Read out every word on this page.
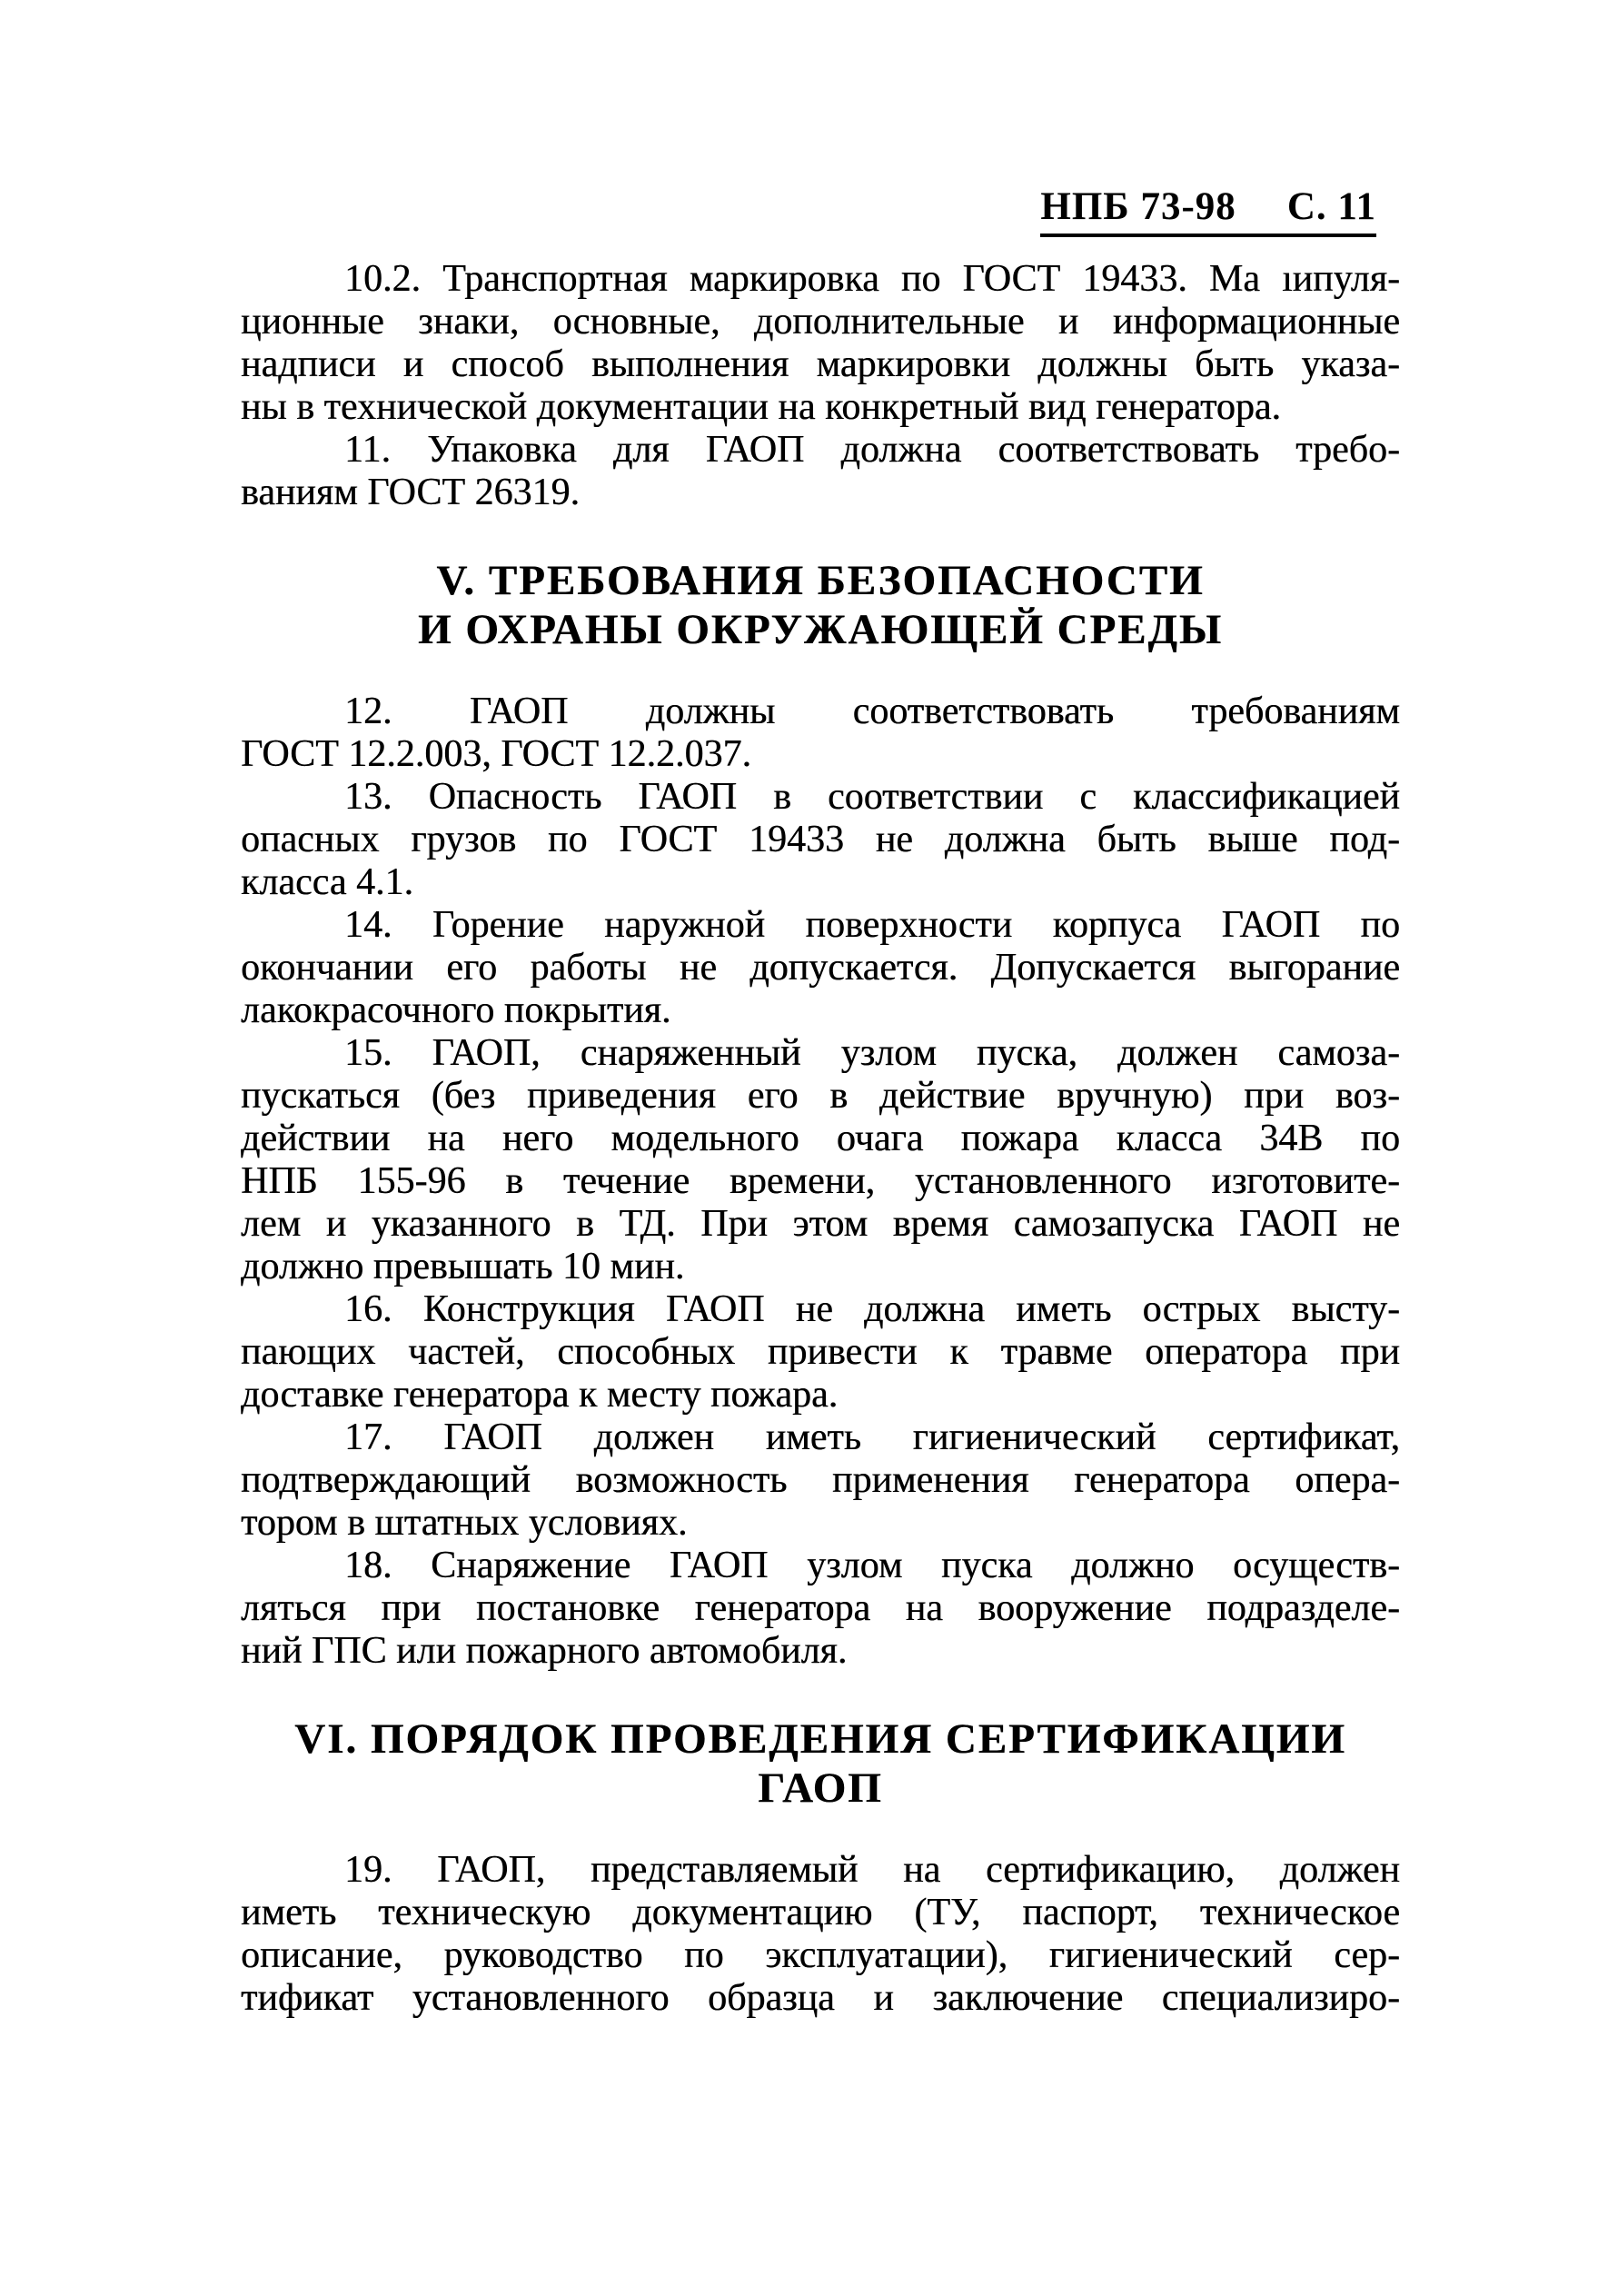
НПБ 73-98 С. 11
10.2. Транспортная маркировка по ГОСТ 19433. Ма ıипуля-
ционные знаки, основные, дополнительные и информационные
надписи и способ выполнения маркировки должны быть указа-
ны в технической документации на конкретный вид генератора.
11. Упаковка для ГАОП должна соответствовать требо-
ваниям ГОСТ 26319.
V. ТРЕБОВАНИЯ БЕЗОПАСНОСТИ
И ОХРАНЫ ОКРУЖАЮЩЕЙ СРЕДЫ
12. ГАОП должны соответствовать требованиям
ГОСТ 12.2.003, ГОСТ 12.2.037.
13. Опасность ГАОП в соответствии с классификацией
опасных грузов по ГОСТ 19433 не должна быть выше под-
класса 4.1.
14. Горение наружной поверхности корпуса ГАОП по
окончании его работы не допускается. Допускается выгорание
лакокрасочного покрытия.
15. ГАОП, снаряженный узлом пуска, должен самоза-
пускаться (без приведения его в действие вручную) при воз-
действии на него модельного очага пожара класса 34В по
НПБ 155-96 в течение времени, установленного изготовите-
лем и указанного в ТД. При этом время самозапуска ГАОП не
должно превышать 10 мин.
16. Конструкция ГАОП не должна иметь острых высту-
пающих частей, способных привести к травме оператора при
доставке генератора к месту пожара.
17. ГАОП должен иметь гигиенический сертификат,
подтверждающий возможность применения генератора опера-
тором в штатных условиях.
18. Снаряжение ГАОП узлом пуска должно осуществ-
ляться при постановке генератора на вооружение подразделе-
ний ГПС или пожарного автомобиля.
VI. ПОРЯДОК ПРОВЕДЕНИЯ СЕРТИФИКАЦИИ ГАОП
19. ГАОП, представляемый на сертификацию, должен
иметь техническую документацию (ТУ, паспорт, техническое
описание, руководство по эксплуатации), гигиенический сер-
тификат установленного образца и заключение специализиро-
